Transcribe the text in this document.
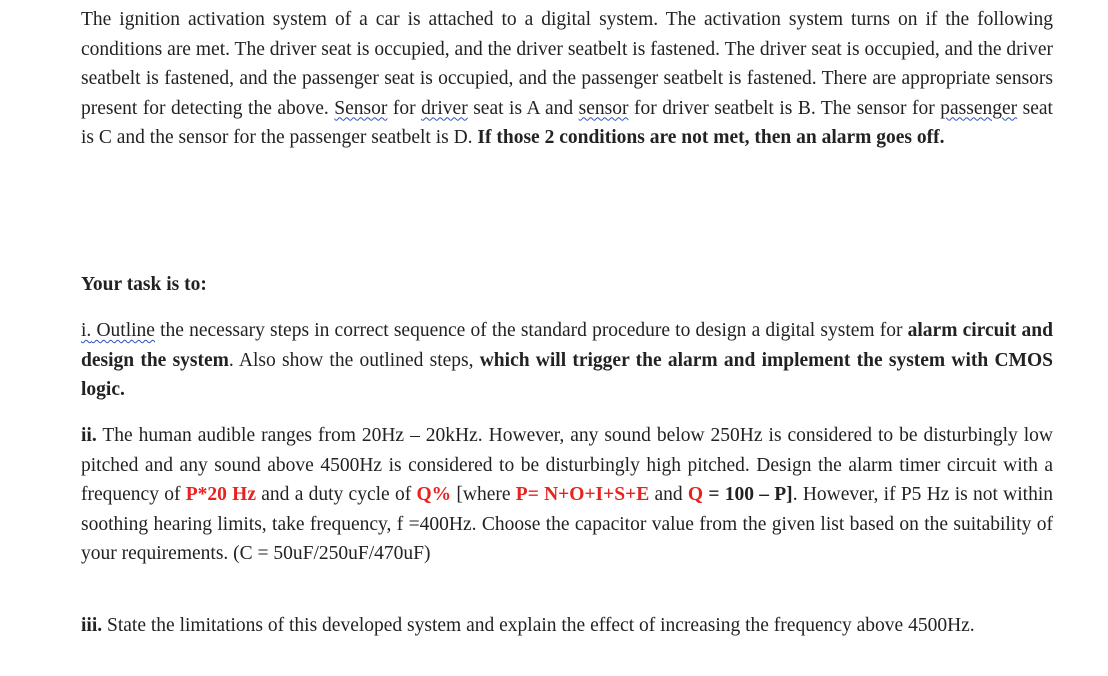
The ignition activation system of a car is attached to a digital system. The activation system turns on if the following conditions are met. The driver seat is occupied, and the driver seatbelt is fastened. The driver seat is occupied, and the driver seatbelt is fastened, and the passenger seat is occupied, and the passenger seatbelt is fastened. There are appropriate sensors present for detecting the above. Sensor for driver seat is A and sensor for driver seatbelt is B. The sensor for passenger seat is C and the sensor for the passenger seatbelt is D. If those 2 conditions are not met, then an alarm goes off.

Your task is to:

i. Outline the necessary steps in correct sequence of the standard procedure to design a digital system for alarm circuit and design the system. Also show the outlined steps, which will trigger the alarm and implement the system with CMOS logic.

ii. The human audible ranges from 20Hz – 20kHz. However, any sound below 250Hz is considered to be disturbingly low pitched and any sound above 4500Hz is considered to be disturbingly high pitched. Design the alarm timer circuit with a frequency of P*20 Hz and a duty cycle of Q% [where P= N+O+I+S+E and Q = 100 – P]. However, if P5 Hz is not within soothing hearing limits, take frequency, f =400Hz. Choose the capacitor value from the given list based on the suitability of your requirements. (C = 50uF/250uF/470uF)

iii. State the limitations of this developed system and explain the effect of increasing the frequency above 4500Hz.
